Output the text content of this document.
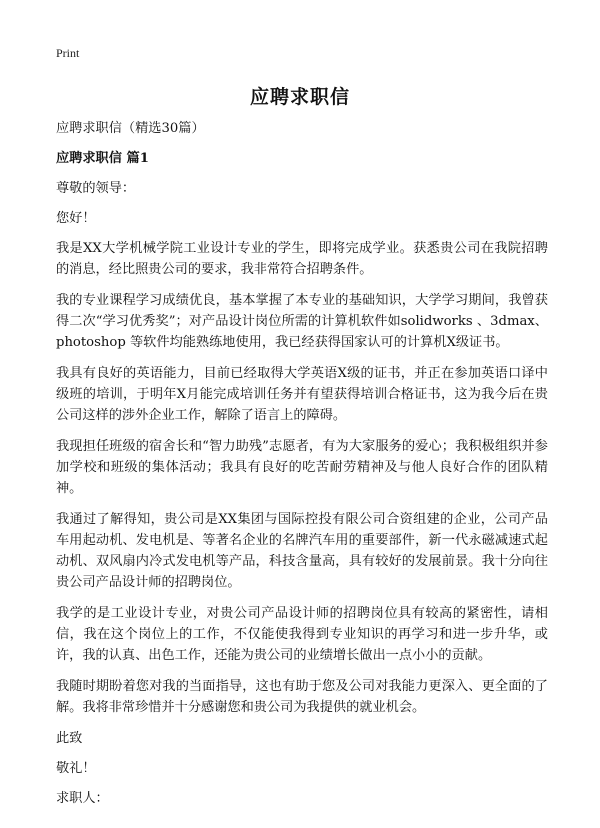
Print
应聘求职信

应聘求职信（精选30篇）

应聘求职信 篇1

尊敬的领导：

您好！

我是XX大学机械学院工业设计专业的学生，即将完成学业。获悉贵公司在我院招聘的消息，经比照贵公司的要求，我非常符合招聘条件。

我的专业课程学习成绩优良，基本掌握了本专业的基础知识，大学学习期间，我曾获得二次“学习优秀奖”；对产品设计岗位所需的计算机软件如solidworks 、3dmax、photoshop 等软件均能熟练地使用，我已经获得国家认可的计算机X级证书。

我具有良好的英语能力，目前已经取得大学英语X级的证书，并正在参加英语口译中级班的培训，于明年X月能完成培训任务并有望获得培训合格证书，这为我今后在贵公司这样的涉外企业工作，解除了语言上的障碍。

我现担任班级的宿舍长和“智力助残”志愿者，有为大家服务的爱心；我积极组织并参加学校和班级的集体活动；我具有良好的吃苦耐劳精神及与他人良好合作的团队精神。

我通过了解得知，贵公司是XX集团与国际控投有限公司合资组建的企业，公司产品车用起动机、发电机是、等著名企业的名牌汽车用的重要部件，新一代永磁减速式起动机、双风扇内冷式发电机等产品，科技含量高，具有较好的发展前景。我十分向往贵公司产品设计师的招聘岗位。

我学的是工业设计专业，对贵公司产品设计师的招聘岗位具有较高的紧密性，请相信，我在这个岗位上的工作，不仅能使我得到专业知识的再学习和进一步升华，或许，我的认真、出色工作，还能为贵公司的业绩增长做出一点小小的贡献。

我随时期盼着您对我的当面指导，这也有助于您及公司对我能力更深入、更全面的了解。我将非常珍惜并十分感谢您和贵公司为我提供的就业机会。

此致

敬礼！

求职人：
